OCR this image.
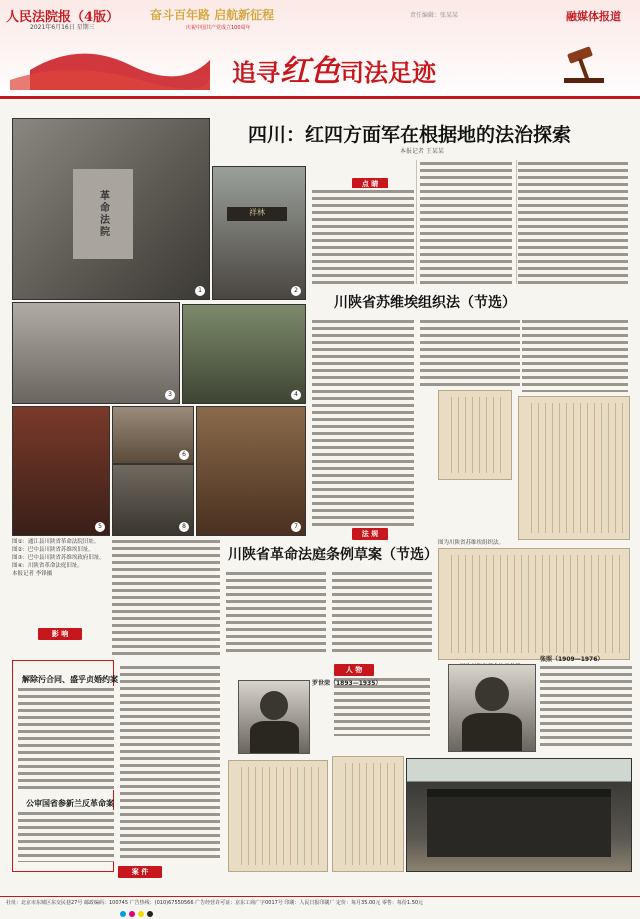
人民法院报（4版）
2021年6月16日 星期三
奋斗百年路 启航新征程
庆祝中国共产党成立100周年
责任编辑：张某某	融媒体报道
追寻红色司法足迹
革命法院
1
祥林
2
3	4
5
6
7
8
四川：红四方面军在根据地的法治探索
本报记者 王某某
川陕省苏维埃组织法（节选）
川陕省革命法庭条例草案（节选）
点 睛
法 规
影 响
人 物
案 件
图①：通江县川陕省革命法院旧址。
图②：巴中县川陕省苏维埃旧址。
图③：巴中县川陕省苏维埃政府旧址。
图④：川陕省革命法庭旧址。
本报记者 李锋摄
解除污合同、盛乎贞婚约案
公审国省参新兰反革命案
图为川陕省苏维埃组织法。
罗世荣（1893—1935）
张照（1909—1976）
社址：北京市东城区东交民巷27号 邮政编码：100745 广告热线：(010)67550566 广告经营许可证：京东工商广字0017号 印刷：人民日报印刷厂 定价：每月35.00元 零售：每份1.50元
